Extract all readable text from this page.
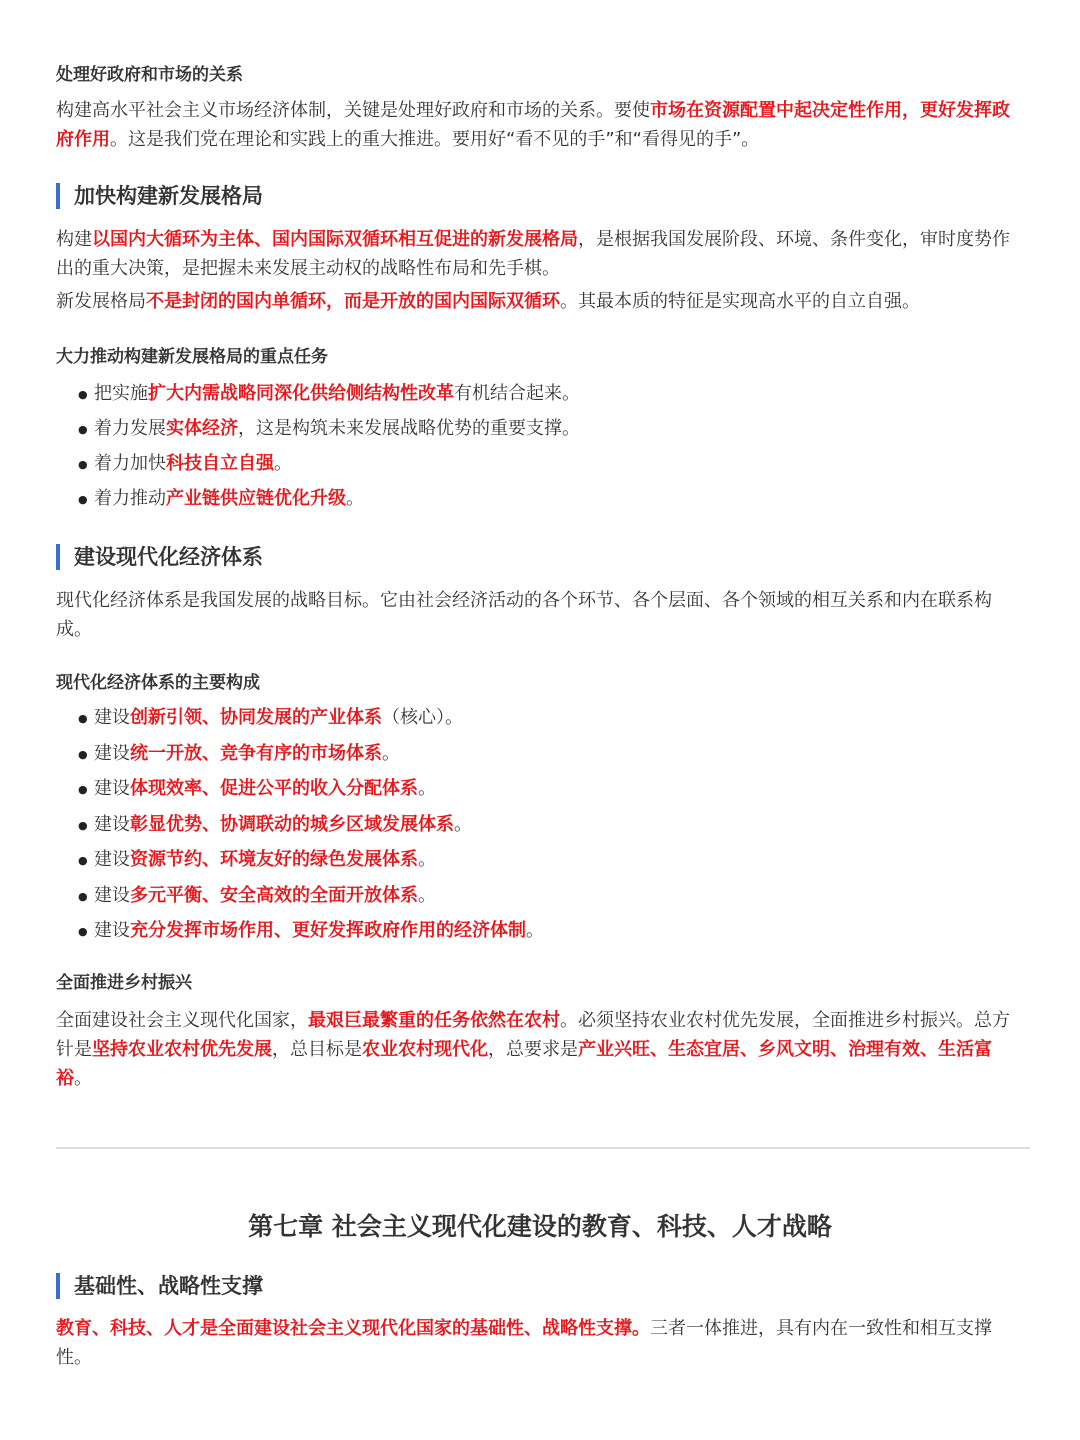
处理好政府和市场的关系

构建高水平社会主义市场经济体制，关键是处理好政府和市场的关系。要使市场在资源配置中起决定性作用，更好发挥政府作用。这是我们党在理论和实践上的重大推进。要用好“看不见的手”和“看得见的手”。

加快构建新发展格局

构建以国内大循环为主体、国内国际双循环相互促进的新发展格局，是根据我国发展阶段、环境、条件变化，审时度势作出的重大决策，是把握未来发展主动权的战略性布局和先手棋。

新发展格局不是封闭的国内单循环，而是开放的国内国际双循环。其最本质的特征是实现高水平的自立自强。

大力推动构建新发展格局的重点任务
● 把实施扩大内需战略同深化供给侧结构性改革有机结合起来。
● 着力发展实体经济，这是构筑未来发展战略优势的重要支撑。
● 着力加快科技自立自强。
● 着力推动产业链供应链优化升级。
建设现代化经济体系

现代化经济体系是我国发展的战略目标。它由社会经济活动的各个环节、各个层面、各个领域的相互关系和内在联系构成。

现代化经济体系的主要构成
● 建设创新引领、协同发展的产业体系（核心）。
● 建设统一开放、竞争有序的市场体系。
● 建设体现效率、促进公平的收入分配体系。
● 建设彰显优势、协调联动的城乡区域发展体系。
● 建设资源节约、环境友好的绿色发展体系。
● 建设多元平衡、安全高效的全面开放体系。
● 建设充分发挥市场作用、更好发挥政府作用的经济体制。
全面推进乡村振兴

全面建设社会主义现代化国家，最艰巨最繁重的任务依然在农村。必须坚持农业农村优先发展，全面推进乡村振兴。总方针是坚持农业农村优先发展，总目标是农业农村现代化，总要求是产业兴旺、生态宜居、乡风文明、治理有效、生活富裕。

第七章 社会主义现代化建设的教育、科技、人才战略
基础性、战略性支撑

教育、科技、人才是全面建设社会主义现代化国家的基础性、战略性支撑。三者一体推进，具有内在一致性和相互支撑性。
